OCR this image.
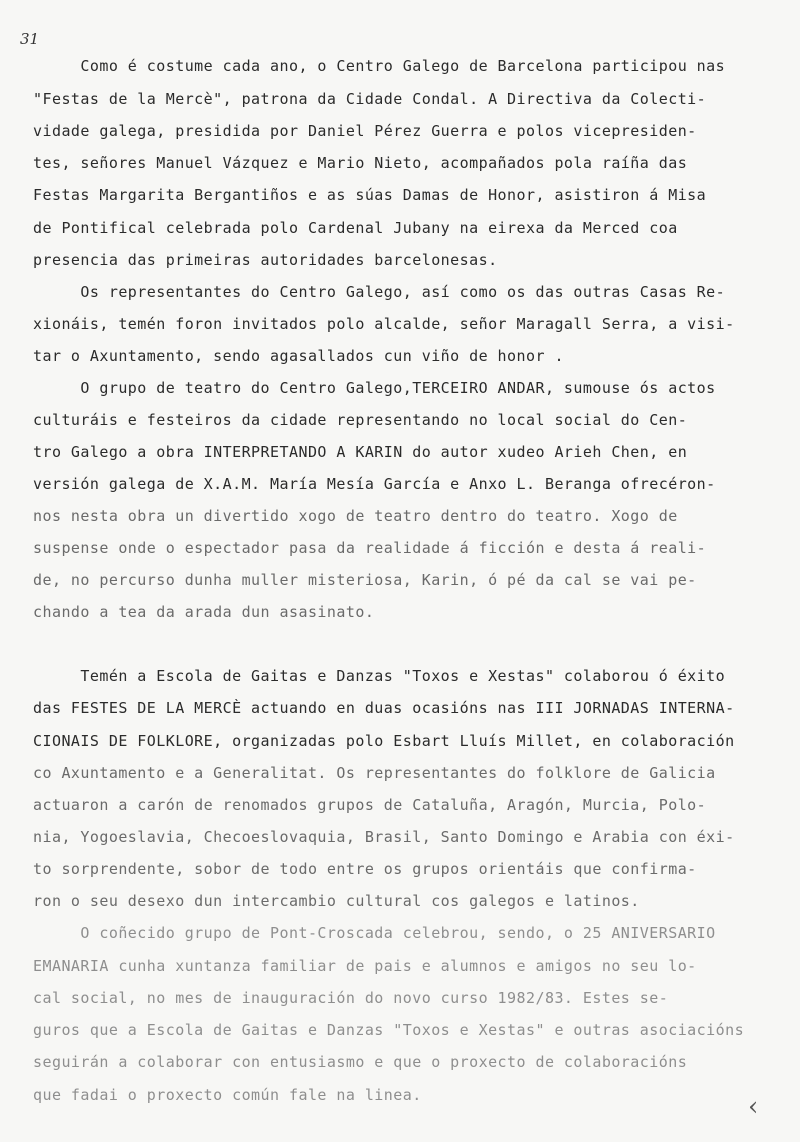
31
Como é costume cada ano, o Centro Galego de Barcelona participou nas
"Festas de la Mercè", patrona da Cidade Condal. A Directiva da Colecti-
vidade galega, presidida por Daniel Pérez Guerra e polos vicepresiden-
tes, señores Manuel Vázquez e Mario Nieto, acompañados pola raíña das
Festas Margarita Bergantiños e as súas Damas de Honor, asistiron á Misa
de Pontifical celebrada polo Cardenal Jubany na eirexa da Merced coa
presencia das primeiras autoridades barcelonesas.
Os representantes do Centro Galego, así como os das outras Casas Re-
xionáis, temén foron invitados polo alcalde, señor Maragall Serra, a visi-
tar o Axuntamento, sendo agasallados cun viño de honor .
O grupo de teatro do Centro Galego,TERCEIRO ANDAR, sumouse ós actos
culturáis e festeiros da cidade representando no local social do Cen-
tro Galego a obra INTERPRETANDO A KARIN do autor xudeo Arieh Chen, en
versión galega de X.A.M. María Mesía García e Anxo L. Beranga ofrecéron-
nos nesta obra un divertido xogo de teatro dentro do teatro. Xogo de
suspense onde o espectador pasa da realidade á ficción e desta á reali-
de, no percurso dunha muller misteriosa, Karin, ó pé da cal se vai pe-
chando a tea da arada dun asasinato.
Temén a Escola de Gaitas e Danzas "Toxos e Xestas" colaborou ó éxito
das FESTES DE LA MERCÈ actuando en duas ocasións nas III JORNADAS INTERNA-
CIONAIS DE FOLKLORE, organizadas polo Esbart Lluís Millet, en colaboración
co Axuntamento e a Generalitat. Os representantes do folklore de Galicia
actuaron a carón de renomados grupos de Cataluña, Aragón, Murcia, Polo-
nia, Yogoeslavia, Checoeslovaquia, Brasil, Santo Domingo e Arabia con éxi-
to sorprendente, sobor de todo entre os grupos orientáis que confirma-
ron o seu desexo dun intercambio cultural cos galegos e latinos.
O coñecido grupo de Pont-Croscada celebrou, sendo, o 25 ANIVERSARIO
EMANARIA cunha xuntanza familiar de pais e alumnos e amigos no seu lo-
cal social, no mes de inauguración do novo curso 1982/83. Estes se-
guros que a Escola de Gaitas e Danzas "Toxos e Xestas" e outras asociacións
seguirán a colaborar con entusiasmo e que o proxecto de colaboracións
que fadai o proxecto común fale na linea.	‹
